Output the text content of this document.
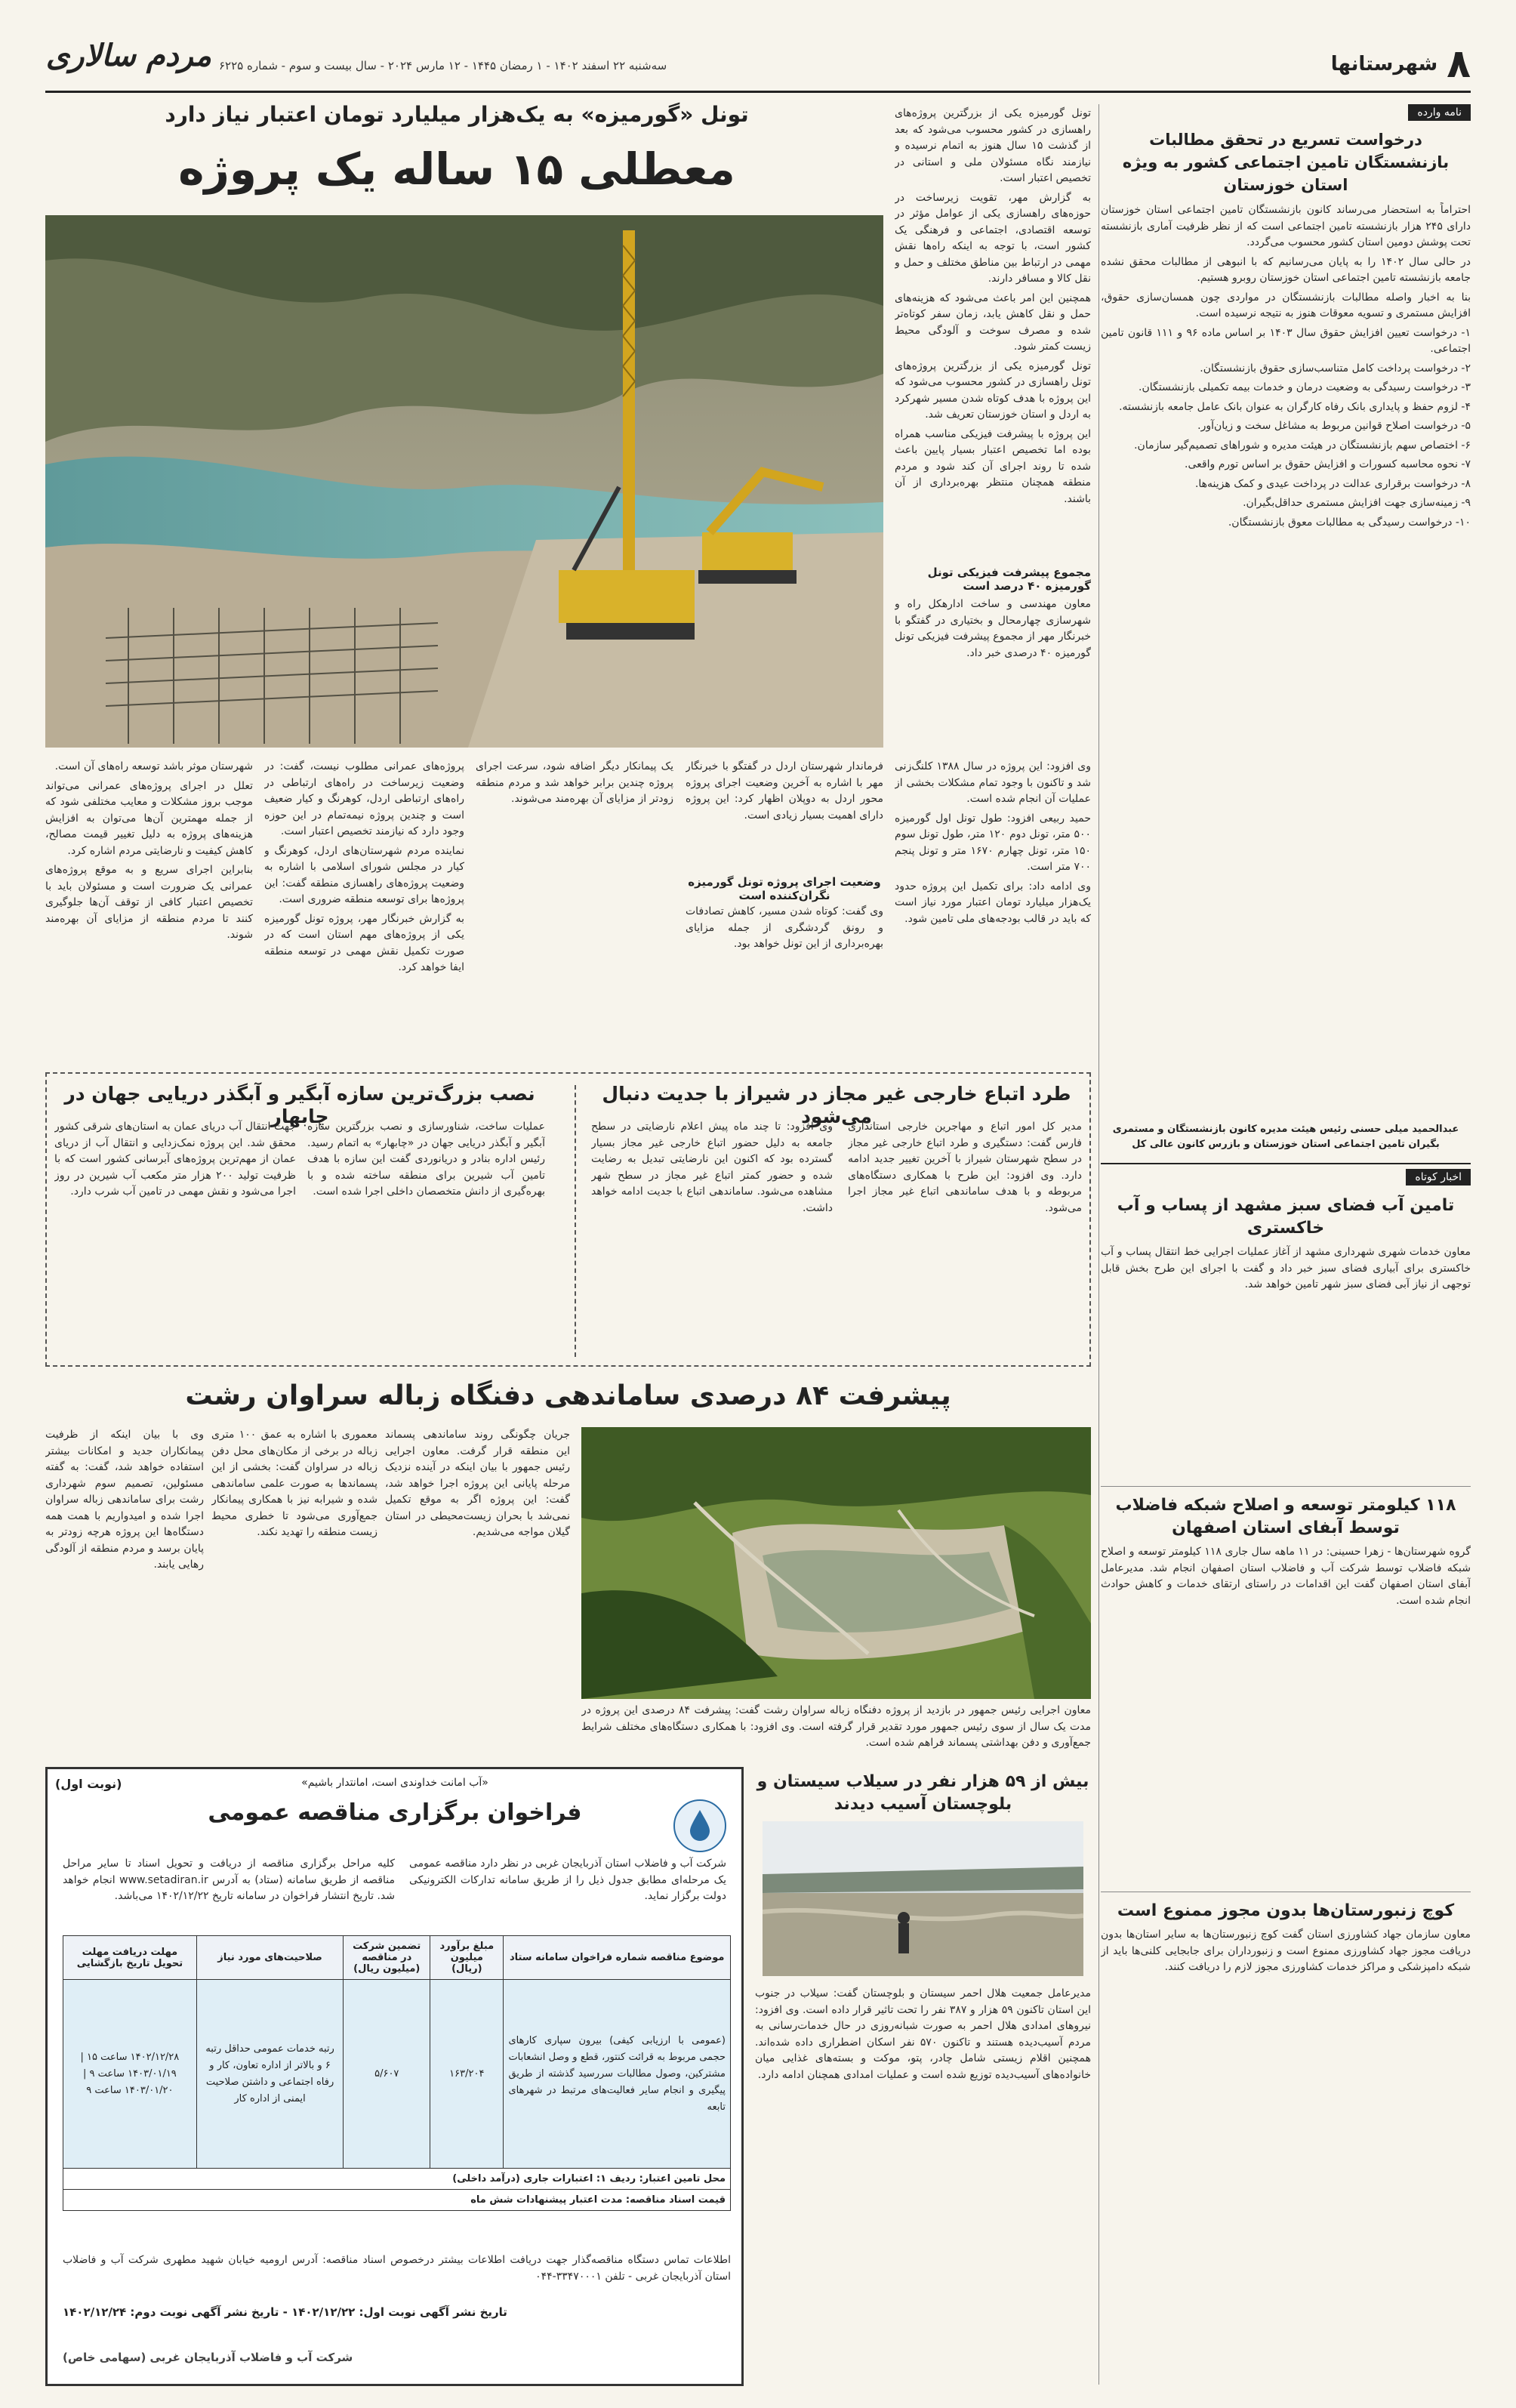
۸
شهرستانها
مردم سالاری سه‌شنبه ۲۲ اسفند ۱۴۰۲ - ۱ رمضان ۱۴۴۵ - ۱۲ مارس ۲۰۲۴ - سال بیست و سوم - شماره ۶۲۲۵
نامه وارده
درخواست تسریع در تحقق مطالبات بازنشستگان تامین اجتماعی کشور به ویژه استان خوزستان

احتراماً به استحضار می‌رساند کانون بازنشستگان تامین اجتماعی استان خوزستان دارای ۲۴۵ هزار بازنشسته تامین اجتماعی است که از نظر ظرفیت آماری بازنشسته تحت پوشش دومین استان کشور محسوب می‌گردد.

در حالی سال ۱۴۰۲ را به پایان می‌رسانیم که با انبوهی از مطالبات محقق نشده جامعه بازنشسته تامین اجتماعی استان خوزستان روبرو هستیم.

بنا به اخبار واصله مطالبات بازنشستگان در مواردی چون همسان‌سازی حقوق، افزایش مستمری و تسویه معوقات هنوز به نتیجه نرسیده است.

۱- درخواست تعیین افزایش حقوق سال ۱۴۰۳ بر اساس ماده ۹۶ و ۱۱۱ قانون تامین اجتماعی.

۲- درخواست پرداخت کامل متناسب‌سازی حقوق بازنشستگان.

۳- درخواست رسیدگی به وضعیت درمان و خدمات بیمه تکمیلی بازنشستگان.

۴- لزوم حفظ و پایداری بانک رفاه کارگران به عنوان بانک عامل جامعه بازنشسته.

۵- درخواست اصلاح قوانین مربوط به مشاغل سخت و زیان‌آور.

۶- اختصاص سهم بازنشستگان در هیئت مدیره و شوراهای تصمیم‌گیر سازمان.

۷- نحوه محاسبه کسورات و افزایش حقوق بر اساس تورم واقعی.

۸- درخواست برقراری عدالت در پرداخت عیدی و کمک هزینه‌ها.

۹- زمینه‌سازی جهت افزایش مستمری حداقل‌بگیران.

۱۰- درخواست رسیدگی به مطالبات معوق بازنشستگان.

عبدالحمید میلی حسنی رئیس هیئت مدیره کانون بازنشستگان و مستمری بگیران تامین اجتماعی استان خوزستان و بازرس کانون عالی کل
اخبار کوتاه
تامین آب فضای سبز مشهد از پساب و آب خاکستری
معاون خدمات شهری شهرداری مشهد از آغاز عملیات اجرایی خط انتقال پساب و آب خاکستری برای آبیاری فضای سبز خبر داد و گفت با اجرای این طرح بخش قابل توجهی از نیاز آبی فضای سبز شهر تامین خواهد شد.
۱۱۸ کیلومتر توسعه و اصلاح شبکه فاضلاب توسط آبفای استان اصفهان
گروه شهرستان‌ها - زهرا حسینی: در ۱۱ ماهه سال جاری ۱۱۸ کیلومتر توسعه و اصلاح شبکه فاضلاب توسط شرکت آب و فاضلاب استان اصفهان انجام شد. مدیرعامل آبفای استان اصفهان گفت این اقدامات در راستای ارتقای خدمات و کاهش حوادث انجام شده است.
کوچ زنبورستان‌ها بدون مجوز ممنوع است
معاون سازمان جهاد کشاورزی استان گفت کوچ زنبورستان‌ها به سایر استان‌ها بدون دریافت مجوز جهاد کشاورزی ممنوع است و زنبورداران برای جابجایی کلنی‌ها باید از شبکه دامپزشکی و مراکز خدمات کشاورزی مجوز لازم را دریافت کنند.
تونل «گورمیزه» به یک‌هزار میلیارد تومان اعتبار نیاز دارد
معطلی ۱۵ ساله یک پروژه

تونل گورمیزه یکی از بزرگترین پروژه‌های راهسازی در کشور محسوب می‌شود که بعد از گذشت ۱۵ سال هنوز به اتمام نرسیده و نیازمند نگاه مسئولان ملی و استانی در تخصیص اعتبار است.

به گزارش مهر، تقویت زیرساخت در حوزه‌های راهسازی یکی از عوامل مؤثر در توسعه اقتصادی، اجتماعی و فرهنگی یک کشور است، با توجه به اینکه راه‌ها نقش مهمی در ارتباط بین مناطق مختلف و حمل و نقل کالا و مسافر دارند.

همچنین این امر باعث می‌شود که هزینه‌های حمل و نقل کاهش یابد، زمان سفر کوتاه‌تر شده و مصرف سوخت و آلودگی محیط زیست کمتر شود.

تونل گورمیزه یکی از بزرگترین پروژه‌های تونل راهسازی در کشور محسوب می‌شود که این پروژه با هدف کوتاه شدن مسیر شهرکرد به اردل و استان خوزستان تعریف شد.

این پروژه با پیشرفت فیزیکی مناسب همراه بوده اما تخصیص اعتبار بسیار پایین باعث شده تا روند اجرای آن کند شود و مردم منطقه همچنان منتظر بهره‌برداری از آن باشند.

مجموع پیشرفت فیزیکی تونل گورمیزه ۴۰ درصد است

معاون مهندسی و ساخت ادارهکل راه و شهرسازی چهارمحال و بختیاری در گفتگو با خبرنگار مهر از مجموع پیشرفت فیزیکی تونل گورمیزه ۴۰ درصدی خبر داد.

وی افزود: این پروژه در سال ۱۳۸۸ کلنگ‌زنی شد و تاکنون با وجود تمام مشکلات بخشی از عملیات آن انجام شده است.

حمید ربیعی افزود: طول تونل اول گورمیزه ۵۰۰ متر، تونل دوم ۱۲۰ متر، طول تونل سوم ۱۵۰ متر، تونل چهارم ۱۶۷۰ متر و تونل پنجم ۷۰۰ متر است.

وی ادامه داد: برای تکمیل این پروژه حدود یک‌هزار میلیارد تومان اعتبار مورد نیاز است که باید در قالب بودجه‌های ملی تامین شود.

فرماندار شهرستان اردل در گفتگو با خبرنگار مهر با اشاره به آخرین وضعیت اجرای پروژه محور اردل به دوپلان اظهار کرد: این پروژه دارای اهمیت بسیار زیادی است.
وضعیت اجرای پروژه تونل گورمیزه نگران‌کننده است
وی گفت: کوتاه شدن مسیر، کاهش تصادفات و رونق گردشگری از جمله مزایای بهره‌برداری از این تونل خواهد بود.
یک پیمانکار دیگر اضافه شود، سرعت اجرای پروژه چندین برابر خواهد شد و مردم منطقه زودتر از مزایای آن بهره‌مند می‌شوند.

پروژه‌های عمرانی مطلوب نیست، گفت: در وضعیت زیرساخت در راه‌های ارتباطی در راه‌های ارتباطی اردل، کوهرنگ و کیار ضعیف است و چندین پروژه نیمه‌تمام در این حوزه وجود دارد که نیازمند تخصیص اعتبار است.

نماینده مردم شهرستان‌های اردل، کوهرنگ و کیار در مجلس شورای اسلامی با اشاره به وضعیت پروژه‌های راهسازی منطقه گفت: این پروژه‌ها برای توسعه منطقه ضروری است.

به گزارش خبرنگار مهر، پروژه تونل گورمیزه یکی از پروژه‌های مهم استان است که در صورت تکمیل نقش مهمی در توسعه منطقه ایفا خواهد کرد.

شهرستان موثر باشد توسعه راه‌های آن است.

تعلل در اجرای پروژه‌های عمرانی می‌تواند موجب بروز مشکلات و معایب مختلفی شود که از جمله مهمترین آن‌ها می‌توان به افزایش هزینه‌های پروژه به دلیل تغییر قیمت مصالح، کاهش کیفیت و نارضایتی مردم اشاره کرد.

بنابراین اجرای سریع و به موقع پروژه‌های عمرانی یک ضرورت است و مسئولان باید با تخصیص اعتبار کافی از توقف آن‌ها جلوگیری کنند تا مردم منطقه از مزایای آن بهره‌مند شوند.

طرد اتباع خارجی غیر مجاز در شیراز با جدیت دنبال می‌شود
مدیر کل امور اتباع و مهاجرین خارجی استانداری فارس گفت: دستگیری و طرد اتباع خارجی غیر مجاز در سطح شهرستان شیراز با آخرین تغییر جدید ادامه دارد. وی افزود: این طرح با همکاری دستگاه‌های مربوطه و با هدف ساماندهی اتباع غیر مجاز اجرا می‌شود.
وی افزود: تا چند ماه پیش اعلام نارضایتی در سطح جامعه به دلیل حضور اتباع خارجی غیر مجاز بسیار گسترده بود که اکنون این نارضایتی تبدیل به رضایت شده و حضور کمتر اتباع غیر مجاز در سطح شهر مشاهده می‌شود. ساماندهی اتباع با جدیت ادامه خواهد داشت.
نصب بزرگ‌ترین سازه آبگیر و آبگذر دریایی جهان در چابهار
عملیات ساخت، شناورسازی و نصب بزرگترین سازه آبگیر و آبگذر دریایی جهان در «چابهار» به اتمام رسید. رئیس اداره بنادر و دریانوردی گفت این سازه با هدف تامین آب شیرین برای منطقه ساخته شده و با بهره‌گیری از دانش متخصصان داخلی اجرا شده است.
جهت انتقال آب دریای عمان به استان‌های شرقی کشور محقق شد. این پروژه نمک‌زدایی و انتقال آب از دریای عمان از مهم‌ترین پروژه‌های آبرسانی کشور است که با ظرفیت تولید ۲۰۰ هزار متر مکعب آب شیرین در روز اجرا می‌شود و نقش مهمی در تامین آب شرب دارد.
پیشرفت ۸۴ درصدی ساماندهی دفنگاه زباله سراوان رشت
معاون اجرایی رئیس جمهور در بازدید از پروژه دفنگاه زباله سراوان رشت گفت: پیشرفت ۸۴ درصدی این پروژه در مدت یک سال از سوی رئیس جمهور مورد تقدیر قرار گرفته است. وی افزود: با همکاری دستگاه‌های مختلف شرایط جمع‌آوری و دفن بهداشتی پسماند فراهم شده است.
جریان چگونگی روند ساماندهی پسماند این منطقه قرار گرفت. معاون اجرایی رئیس جمهور با بیان اینکه در آینده نزدیک مرحله پایانی این پروژه اجرا خواهد شد، گفت: این پروژه اگر به موقع تکمیل نمی‌شد با بحران زیست‌محیطی در استان گیلان مواجه می‌شدیم.
معموری با اشاره به عمق ۱۰۰ متری زباله در برخی از مکان‌های محل دفن زباله در سراوان گفت: بخشی از این پسماندها به صورت علمی ساماندهی شده و شیرابه نیز با همکاری پیمانکار جمع‌آوری می‌شود تا خطری محیط زیست منطقه را تهدید نکند.
وی با بیان اینکه از ظرفیت پیمانکاران جدید و امکانات بیشتر استفاده خواهد شد، گفت: به گفته مسئولین، تصمیم سوم شهرداری رشت برای ساماندهی زباله سراوان اجرا شده و امیدواریم با همت همه دستگاه‌ها این پروژه هرچه زودتر به پایان برسد و مردم منطقه از آلودگی رهایی یابند.
بیش از ۵۹ هزار نفر در سیلاب سیستان و بلوچستان آسیب دیدند
مدیرعامل جمعیت هلال احمر سیستان و بلوچستان گفت: سیلاب در جنوب این استان تاکنون ۵۹ هزار و ۳۸۷ نفر را تحت تاثیر قرار داده است. وی افزود: نیروهای امدادی هلال احمر به صورت شبانه‌روزی در حال خدمات‌رسانی به مردم آسیب‌دیده هستند و تاکنون ۵۷۰ نفر اسکان اضطراری داده شده‌اند. همچنین اقلام زیستی شامل چادر، پتو، موکت و بسته‌های غذایی میان خانواده‌های آسیب‌دیده توزیع شده است و عملیات امدادی همچنان ادامه دارد.
(نوبت اول)	«آب امانت خداوندی است، امانتدار باشیم»
فراخوان برگزاری مناقصه عمومی
شرکت آب و فاضلاب استان آذربایجان غربی در نظر دارد مناقصه عمومی یک مرحله‌ای مطابق جدول ذیل را از طریق سامانه تدارکات الکترونیکی دولت برگزار نماید.
کلیه مراحل برگزاری مناقصه از دریافت و تحویل اسناد تا سایر مراحل مناقصه از طریق سامانه (ستاد) به آدرس www.setadiran.ir انجام خواهد شد. تاریخ انتشار فراخوان در سامانه تاریخ ۱۴۰۲/۱۲/۲۲ می‌باشد.
موضوع مناقصه شماره فراخوان سامانه ستاد	مبلغ برآورد میلیون (ریال)	تضمین شرکت در مناقصه (میلیون ریال)	صلاحیت‌های مورد نیاز	مهلت دریافت مهلت تحویل تاریخ بازگشایی
(عمومی با ارزیابی کیفی) بیرون سپاری کارهای حجمی مربوط به قرائت کنتور، قطع و وصل انشعابات مشترکین، وصول مطالبات سررسید گذشته از طریق پیگیری و انجام سایر فعالیت‌های مرتبط در شهرهای تابعه	۱۶۳/۲۰۴	۵/۶۰۷	رتبه خدمات عمومی حداقل رتبه ۶ و بالاتر از اداره تعاون، کار و رفاه اجتماعی و داشتن صلاحیت ایمنی از اداره کار	۱۴۰۲/۱۲/۲۸ ساعت ۱۵ | ۱۴۰۳/۰۱/۱۹ ساعت ۹ | ۱۴۰۳/۰۱/۲۰ ساعت ۹
محل تامین اعتبار: ردیف ۱: اعتبارات جاری (درآمد داخلی)				
قیمت اسناد مناقصه: مدت اعتبار پیشنهادات شش ماه				
اطلاعات تماس دستگاه مناقصه‌گذار جهت دریافت اطلاعات بیشتر درخصوص اسناد مناقصه: آدرس ارومیه خیابان شهید مطهری شرکت آب و فاضلاب استان آذربایجان غربی - تلفن ۳۳۴۷۰۰۰۱-۰۴۴
تاریخ نشر آگهی نوبت اول: ۱۴۰۲/۱۲/۲۲ - تاریخ نشر آگهی نوبت دوم: ۱۴۰۲/۱۲/۲۴
شرکت آب و فاضلاب آذربایجان غربی (سهامی خاص)
